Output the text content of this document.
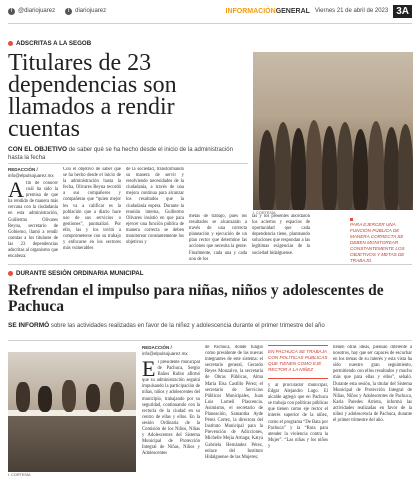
f @diariojuarez	t diariojuarez	INFORMACIÓN GENERAL Viernes 21 de abril de 2023 3A
ADSCRITAS A LA SEGOB
Titulares de 23 dependencias son llamados a rendir cuentas
CON EL OBJETIVO de saber qué se ha hecho desde el inicio de la administración hasta la fecha
REDACCIÓN /
info@elpulsojuarez.mx
Afin de conocer cuál ha sido la premisa de que ha rendido de manera más cercana con la ciudadanía en esta administración, Guillermo Olivares Reyna, secretario de Gobierno, llamó a rendir cuentas a los titulares de las 23 dependencias adscritas al organismo que encabeza.
Con el objetivo de saber qué se ha hecho desde el inicio de la administración hasta la fecha, Olivares Reyna recordó a sus compañeros y compañeras que “quien mejor les va a calificar es la población que a diario hace uso de sus servicios o gestiones”, puntualizó. Por ello, las y los invitó a comprometerse con su trabajo y enfocarse en los sectores más vulnerables
de la sociedad, transformando su manera de servir y resolviendo necesidades de la ciudadanía, a través de una mejora continua para alcanzar los resultados que la ciudadanía espera. Durante la reunión interna, Guillermo Olivares insistió en que para ejercer una función pública de manera correcta se deben monitorear constantemente los objetivos y
metas de trabajo, pues los resultados se alcanzarán a través de una correcta planeación y ejecución de un plan rector que determine las acciones que necesita la gente. Finalmente, cada una y cada uno de los
las y los presentes abordaron los aciertos y espacios de oportunidad que cada dependencia tiene, planteando soluciones que respondan a las legítimas exigencias de la sociedad hidalguense.
I. CORTESÍA
PARA EJERCER UNA FUNCIÓN PÚBLICA DE MANERA CORRECTA SE DEBEN MONITOREAR CONSTANTEMENTE LOS OBJETIVOS Y METAS DE TRABAJO.
DURANTE SESIÓN ORDINARIA MUNICIPAL
Refrendan el impulso para niñas, niños y adolescentes de Pachuca
SE INFORMÓ sobre las actividades realizadas en favor de la niñez y adolescencia durante el primer trimestre del año
I. CORTESÍA
REDACCIÓN /
info@elpulsojuarez.mx
El presidente municipal de Pachuca, Sergio Baños Rubio afirmó que su administración seguirá impulsando la participación de niñas, niños y adolescentes del municipio, trabajando por su seguridad, continuando con la rectoría de la ciudad en su centro de ellas y ellos. En la sesión Ordinaria de la Comisión de los Niños, Niñas y Adolescentes del Sistema Municipal de Protección Integral de Niñas, Niños y Adolescentes
de Pachuca, donde fungió como presidente de las nuevas integrantes de este sistema: el secretario general, Gerardo Reyes Monzalvo, la secretaria de Obras Públicas, Alma María Elsa Castillo Pérez; el secretario de Servicios Públicos Municipales, Juan Luis Lomelí Plascencia. Asimismo, el secretario de Planeación, Samantha Ayde Pérez Cortez, la directora del Instituto Municipal para la Prevención de Adicciones, Michelle Mejía Artiaga; Katya Gabriela Hernández Pérez, enlace del Instituto Hidalguense de las Mujeres;
EN PACHUCA SE TRABAJA CON POLÍTICAS PÚBLICAS QUE TIENEN COMO EJE RECTOR A LA NIÑEZ
y al procurador municipal, Edgar Alejandro Lugo. El alcalde agregó que en Pachuca se trabaja con políticas públicas que tienen como eje rector el interés superior de la niñez, como el programa “De Bata por Pachuca” y la “Ruta para atender la violencia contra la Mujer”. “Las niñas y los niños y
tienen otras ideas, piensan diferente a nosotros, hay que ser capaces de escuchar en los temas de su interés y esta vista ha sido nuestro gran seguimiento, permitiendo con ellos resultados y mucho más que para ellas y ellos”, señaló. Durante esta sesión, la titular del Sistema Municipal de Protección Integral de Niñas, Niños y Adolescentes de Pachuca, Karla Paredes Arrieta, informó las actividades realizadas en favor de la niñez y adolescencia de Pachuca, durante el primer trimestre del año.
